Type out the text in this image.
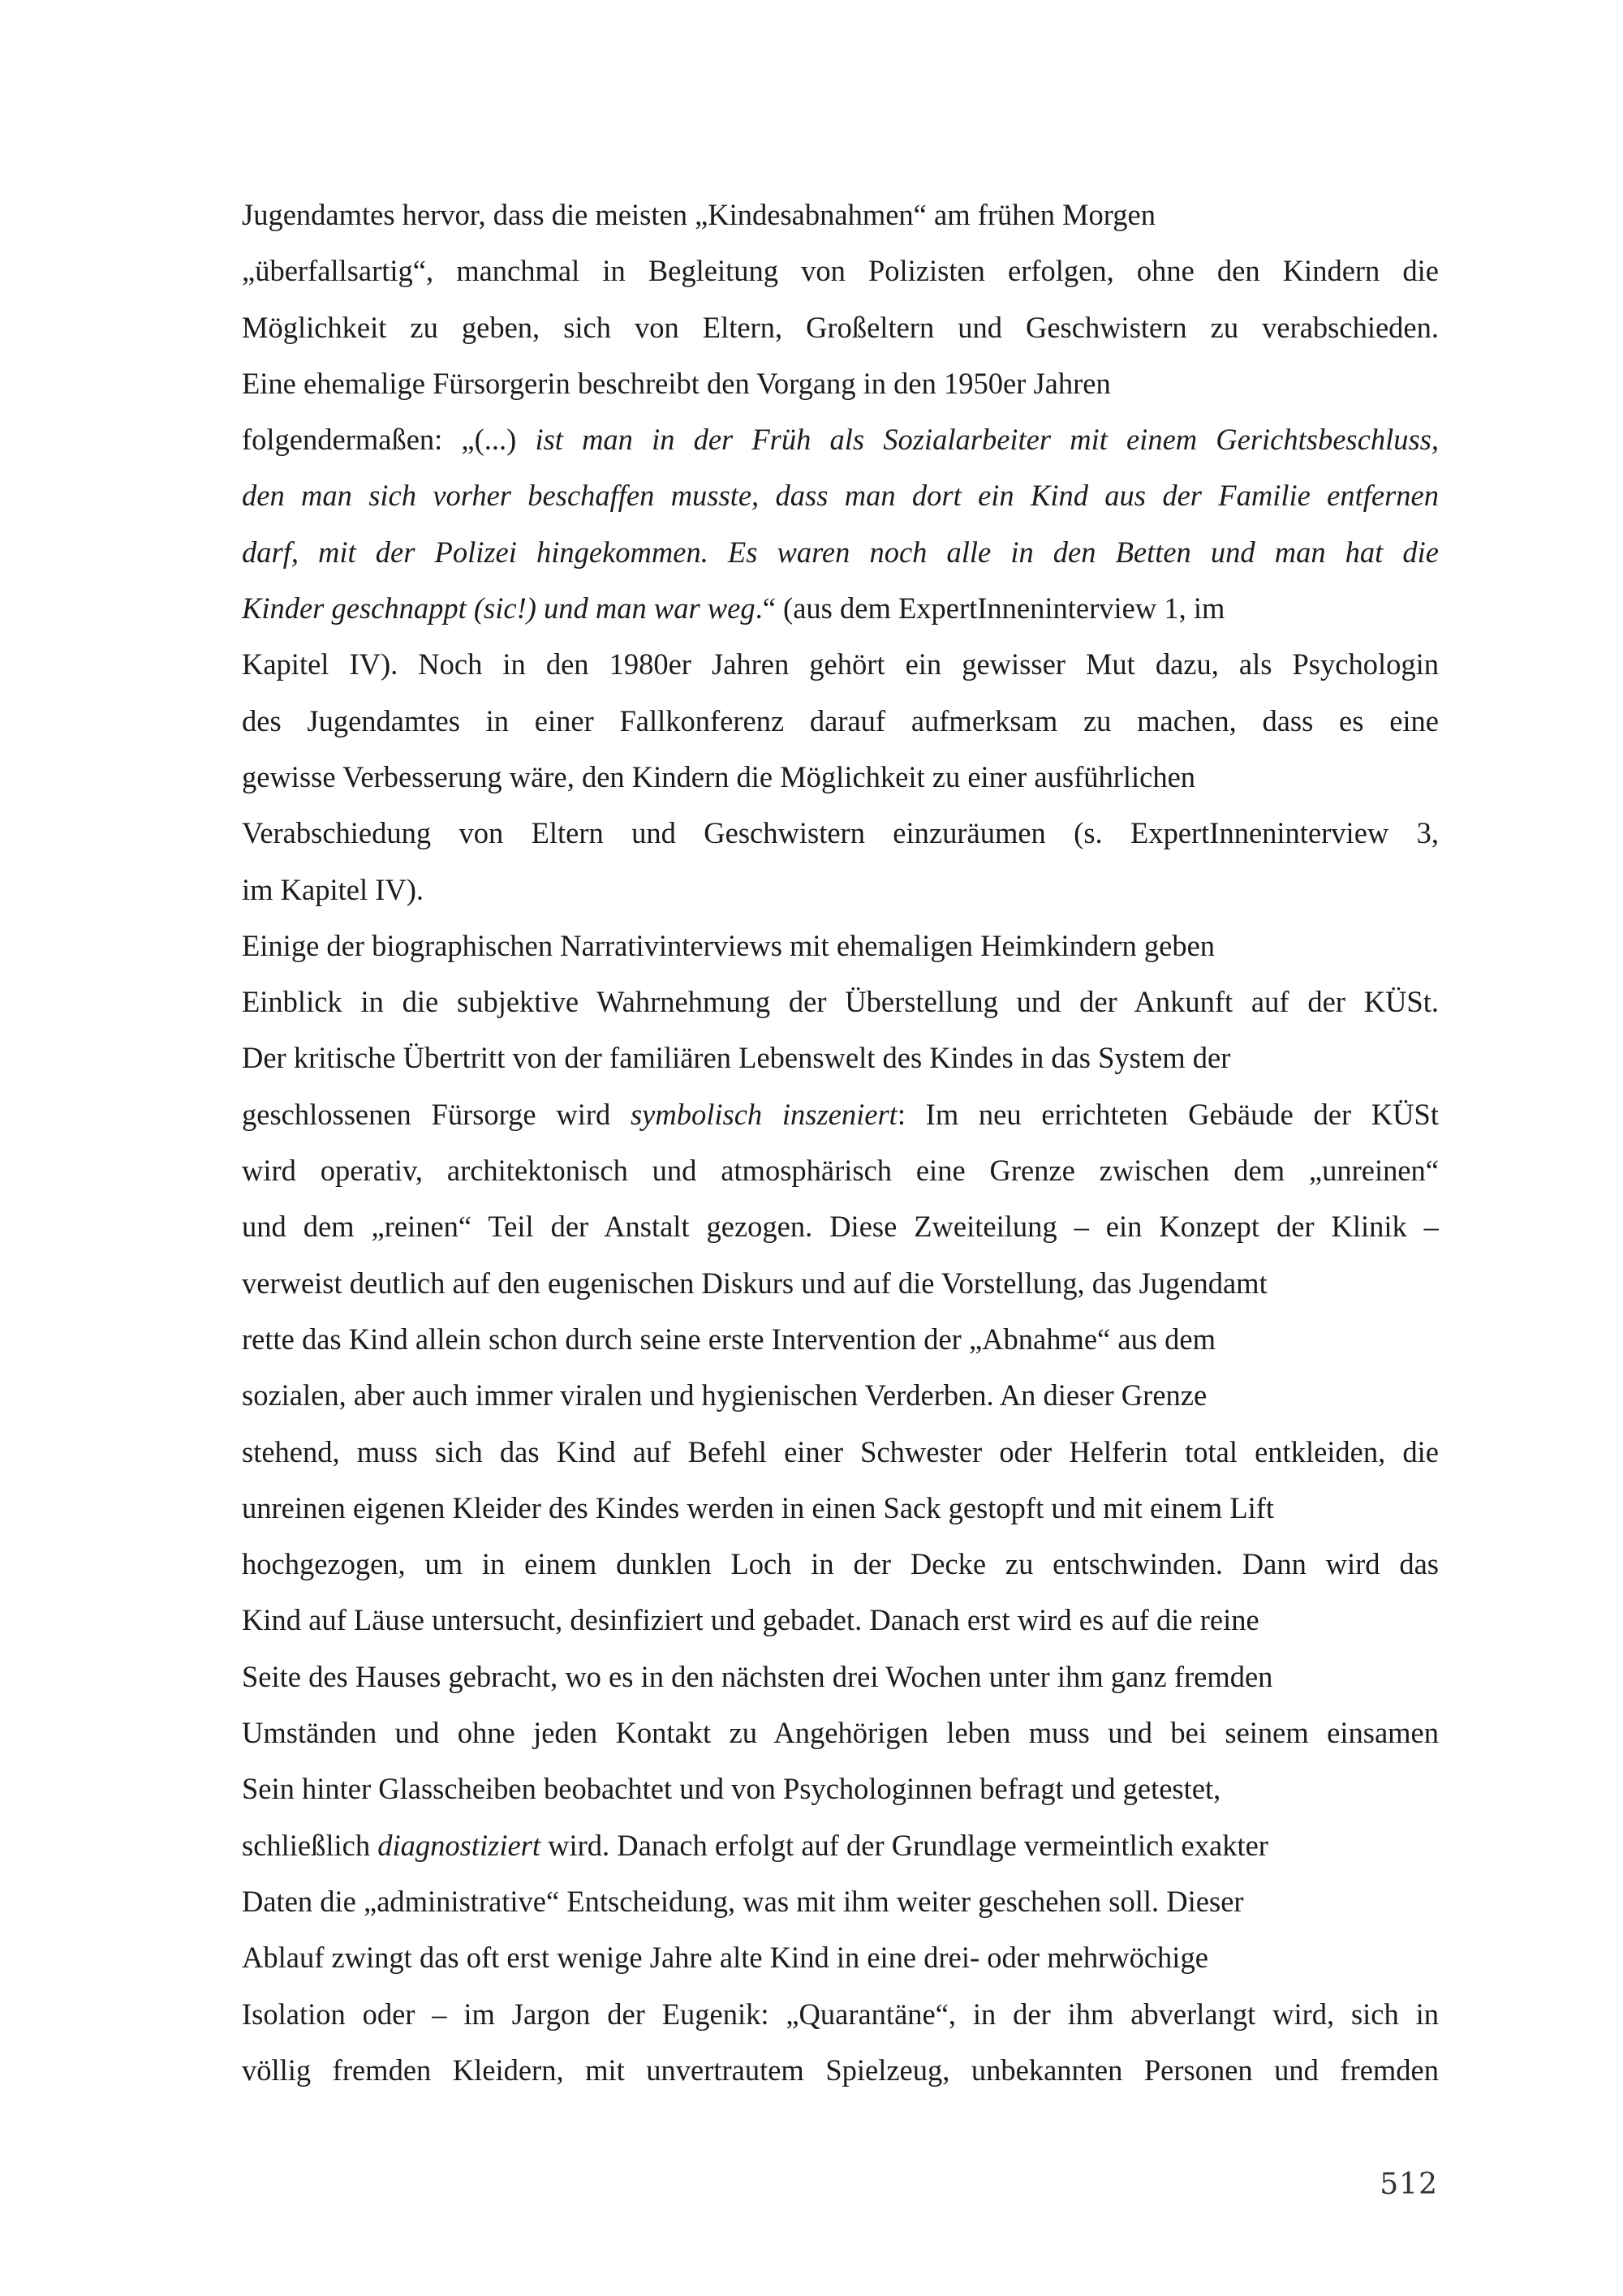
Jugendamtes hervor, dass die meisten „Kindesabnahmen“ am frühen Morgen
„überfallsartig“, manchmal in Begleitung von Polizisten erfolgen, ohne den Kindern die
Möglichkeit zu geben, sich von Eltern, Großeltern und Geschwistern zu verabschieden.
Eine ehemalige Fürsorgerin beschreibt den Vorgang in den 1950er Jahren
folgendermaßen: „(...) ist man in der Früh als Sozialarbeiter mit einem Gerichtsbeschluss,
den man sich vorher beschaffen musste, dass man dort ein Kind aus der Familie entfernen
darf, mit der Polizei hingekommen. Es waren noch alle in den Betten und man hat die
Kinder geschnappt (sic!) und man war weg.“ (aus dem ExpertInneninterview 1, im
Kapitel IV). Noch in den 1980er Jahren gehört ein gewisser Mut dazu, als Psychologin
des Jugendamtes in einer Fallkonferenz darauf aufmerksam zu machen, dass es eine
gewisse Verbesserung wäre, den Kindern die Möglichkeit zu einer ausführlichen
Verabschiedung von Eltern und Geschwistern einzuräumen (s. ExpertInneninterview 3,
im Kapitel IV).
Einige der biographischen Narrativinterviews mit ehemaligen Heimkindern geben
Einblick in die subjektive Wahrnehmung der Überstellung und der Ankunft auf der KÜSt.
Der kritische Übertritt von der familiären Lebenswelt des Kindes in das System der
geschlossenen Fürsorge wird symbolisch inszeniert: Im neu errichteten Gebäude der KÜSt
wird operativ, architektonisch und atmosphärisch eine Grenze zwischen dem „unreinen“
und dem „reinen“ Teil der Anstalt gezogen. Diese Zweiteilung – ein Konzept der Klinik –
verweist deutlich auf den eugenischen Diskurs und auf die Vorstellung, das Jugendamt
rette das Kind allein schon durch seine erste Intervention der „Abnahme“ aus dem
sozialen, aber auch immer viralen und hygienischen Verderben. An dieser Grenze
stehend, muss sich das Kind auf Befehl einer Schwester oder Helferin total entkleiden, die
unreinen eigenen Kleider des Kindes werden in einen Sack gestopft und mit einem Lift
hochgezogen, um in einem dunklen Loch in der Decke zu entschwinden. Dann wird das
Kind auf Läuse untersucht, desinfiziert und gebadet. Danach erst wird es auf die reine
Seite des Hauses gebracht, wo es in den nächsten drei Wochen unter ihm ganz fremden
Umständen und ohne jeden Kontakt zu Angehörigen leben muss und bei seinem einsamen
Sein hinter Glasscheiben beobachtet und von Psychologinnen befragt und getestet,
schließlich diagnostiziert wird. Danach erfolgt auf der Grundlage vermeintlich exakter
Daten die „administrative“ Entscheidung, was mit ihm weiter geschehen soll. Dieser
Ablauf zwingt das oft erst wenige Jahre alte Kind in eine drei- oder mehrwöchige
Isolation oder – im Jargon der Eugenik: „Quarantäne“, in der ihm abverlangt wird, sich in
völlig fremden Kleidern, mit unvertrautem Spielzeug, unbekannten Personen und fremden
512
